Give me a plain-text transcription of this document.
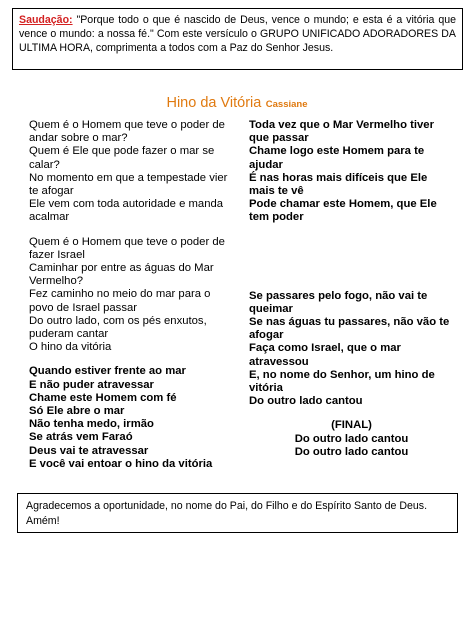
Saudação: "Porque todo o que é nascido de Deus, vence o mundo; e esta é a vitória que vence o mundo: a nossa fé." Com este versículo o GRUPO UNIFICADO ADORADORES DA ULTIMA HORA, comprimenta a todos com a Paz do Senhor Jesus.
Hino da Vitória Cassiane
Quem é o Homem que teve o poder de andar sobre o mar?
Quem é Ele que pode fazer o mar se calar?
No momento em que a tempestade vier te afogar
Ele vem com toda autoridade e manda acalmar
Quem é o Homem que teve o poder de fazer Israel
Caminhar por entre as águas do Mar Vermelho?
Fez caminho no meio do mar para o povo de Israel passar
Do outro lado, com os pés enxutos, puderam cantar
O hino da vitória
Quando estiver frente ao mar
E não puder atravessar
Chame este Homem com fé
Só Ele abre o mar
Não tenha medo, irmão
Se atrás vem Faraó
Deus vai te atravessar
E você vai entoar o hino da vitória
Toda vez que o Mar Vermelho tiver que passar
Chame logo este Homem para te ajudar
É nas horas mais difíceis que Ele mais te vê
Pode chamar este Homem, que Ele tem poder
Se passares pelo fogo, não vai te queimar
Se nas águas tu passares, não vão te afogar
Faça como Israel, que o mar atravessou
E, no nome do Senhor, um hino de vitória
Do outro lado cantou
(FINAL)
Do outro lado cantou
Do outro lado cantou
Agradecemos a oportunidade, no nome do Pai, do Filho e do Espírito Santo de Deus. Amém!
